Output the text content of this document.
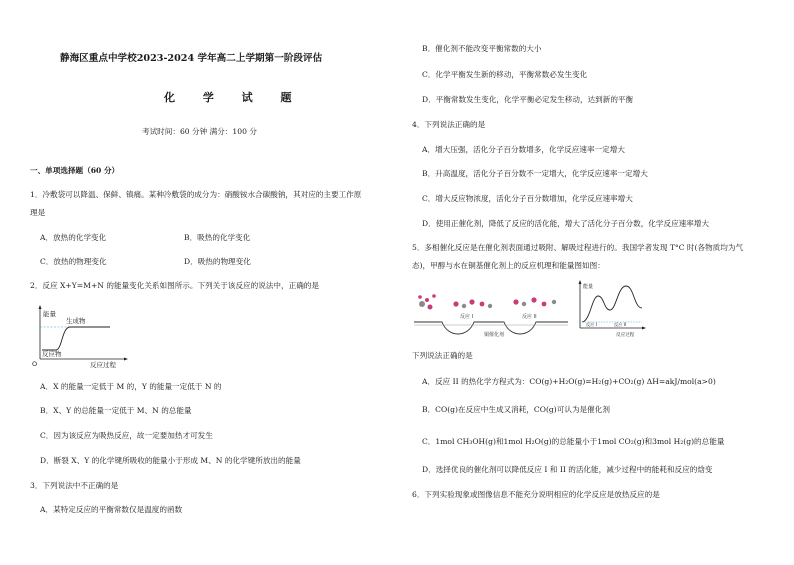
静海区重点中学校2023-2024 学年高二上学期第一阶段评估
化 学 试 题
考试时间：60 分钟 满分：100 分
一、单项选择题（60 分）
1．冷敷袋可以降温、保鲜、镇痛。某种冷敷袋的成分为：硝酸铵水合碳酸钠，其对应的主要工作原
理是
A．放热的化学变化	B．吸热的化学变化
C．放热的物理变化	D．吸热的物理变化
2．反应 X+Y=M+N 的能量变化关系如图所示。下列关于该反应的说法中，正确的是
能量
生成物
反应物
O	反应过程
A．X 的能量一定低于 M 的，Y 的能量一定低于 N 的
B．X、Y 的总能量一定低于 M、N 的总能量
C．因为该反应为吸热反应，故一定要加热才可发生
D．断裂 X、Y 的化学键所吸收的能量小于形成 M、N 的化学键所放出的能量
3．下列说法中不正确的是
A．某特定反应的平衡常数仅是温度的函数
B．催化剂不能改变平衡常数的大小
C．化学平衡发生新的移动，平衡常数必发生变化
D．平衡常数发生变化，化学平衡必定发生移动，达到新的平衡
4．下列说法正确的是
A．增大压强，活化分子百分数增多，化学反应速率一定增大
B．升高温度，活化分子百分数不一定增大，化学反应速率一定增大
C．增大反应物浓度，活化分子百分数增加，化学反应速率增大
D．使用正催化剂，降低了反应的活化能，增大了活化分子百分数，化学反应速率增大
5．多相催化反应是在催化剂表面通过吸附、解吸过程进行的。我国学者发现 T°C 时(各物质均为气
态)，甲醇与水在铜基催化剂上的反应机理和能量图如图：
反应 I	反应 II
铜催化剂
能量
反应 I	反应 II
反应过程
下列说法正确的是
A．反应 II 的热化学方程式为：CO(g)+H₂O(g)=H₂(g)+CO₂(g) ΔH=akJ/mol(a>0)
B．CO(g)在反应中生成又消耗，CO(g)可认为是催化剂
C．1mol CH₃OH(g)和1mol H₂O(g)的总能量小于1mol CO₂(g)和3mol H₂(g)的总能量
D．选择优良的催化剂可以降低反应 I 和 II 的活化能，减少过程中的能耗和反应的焓变
6．下列实验现象或图像信息不能充分说明相应的化学反应是放热反应的是
